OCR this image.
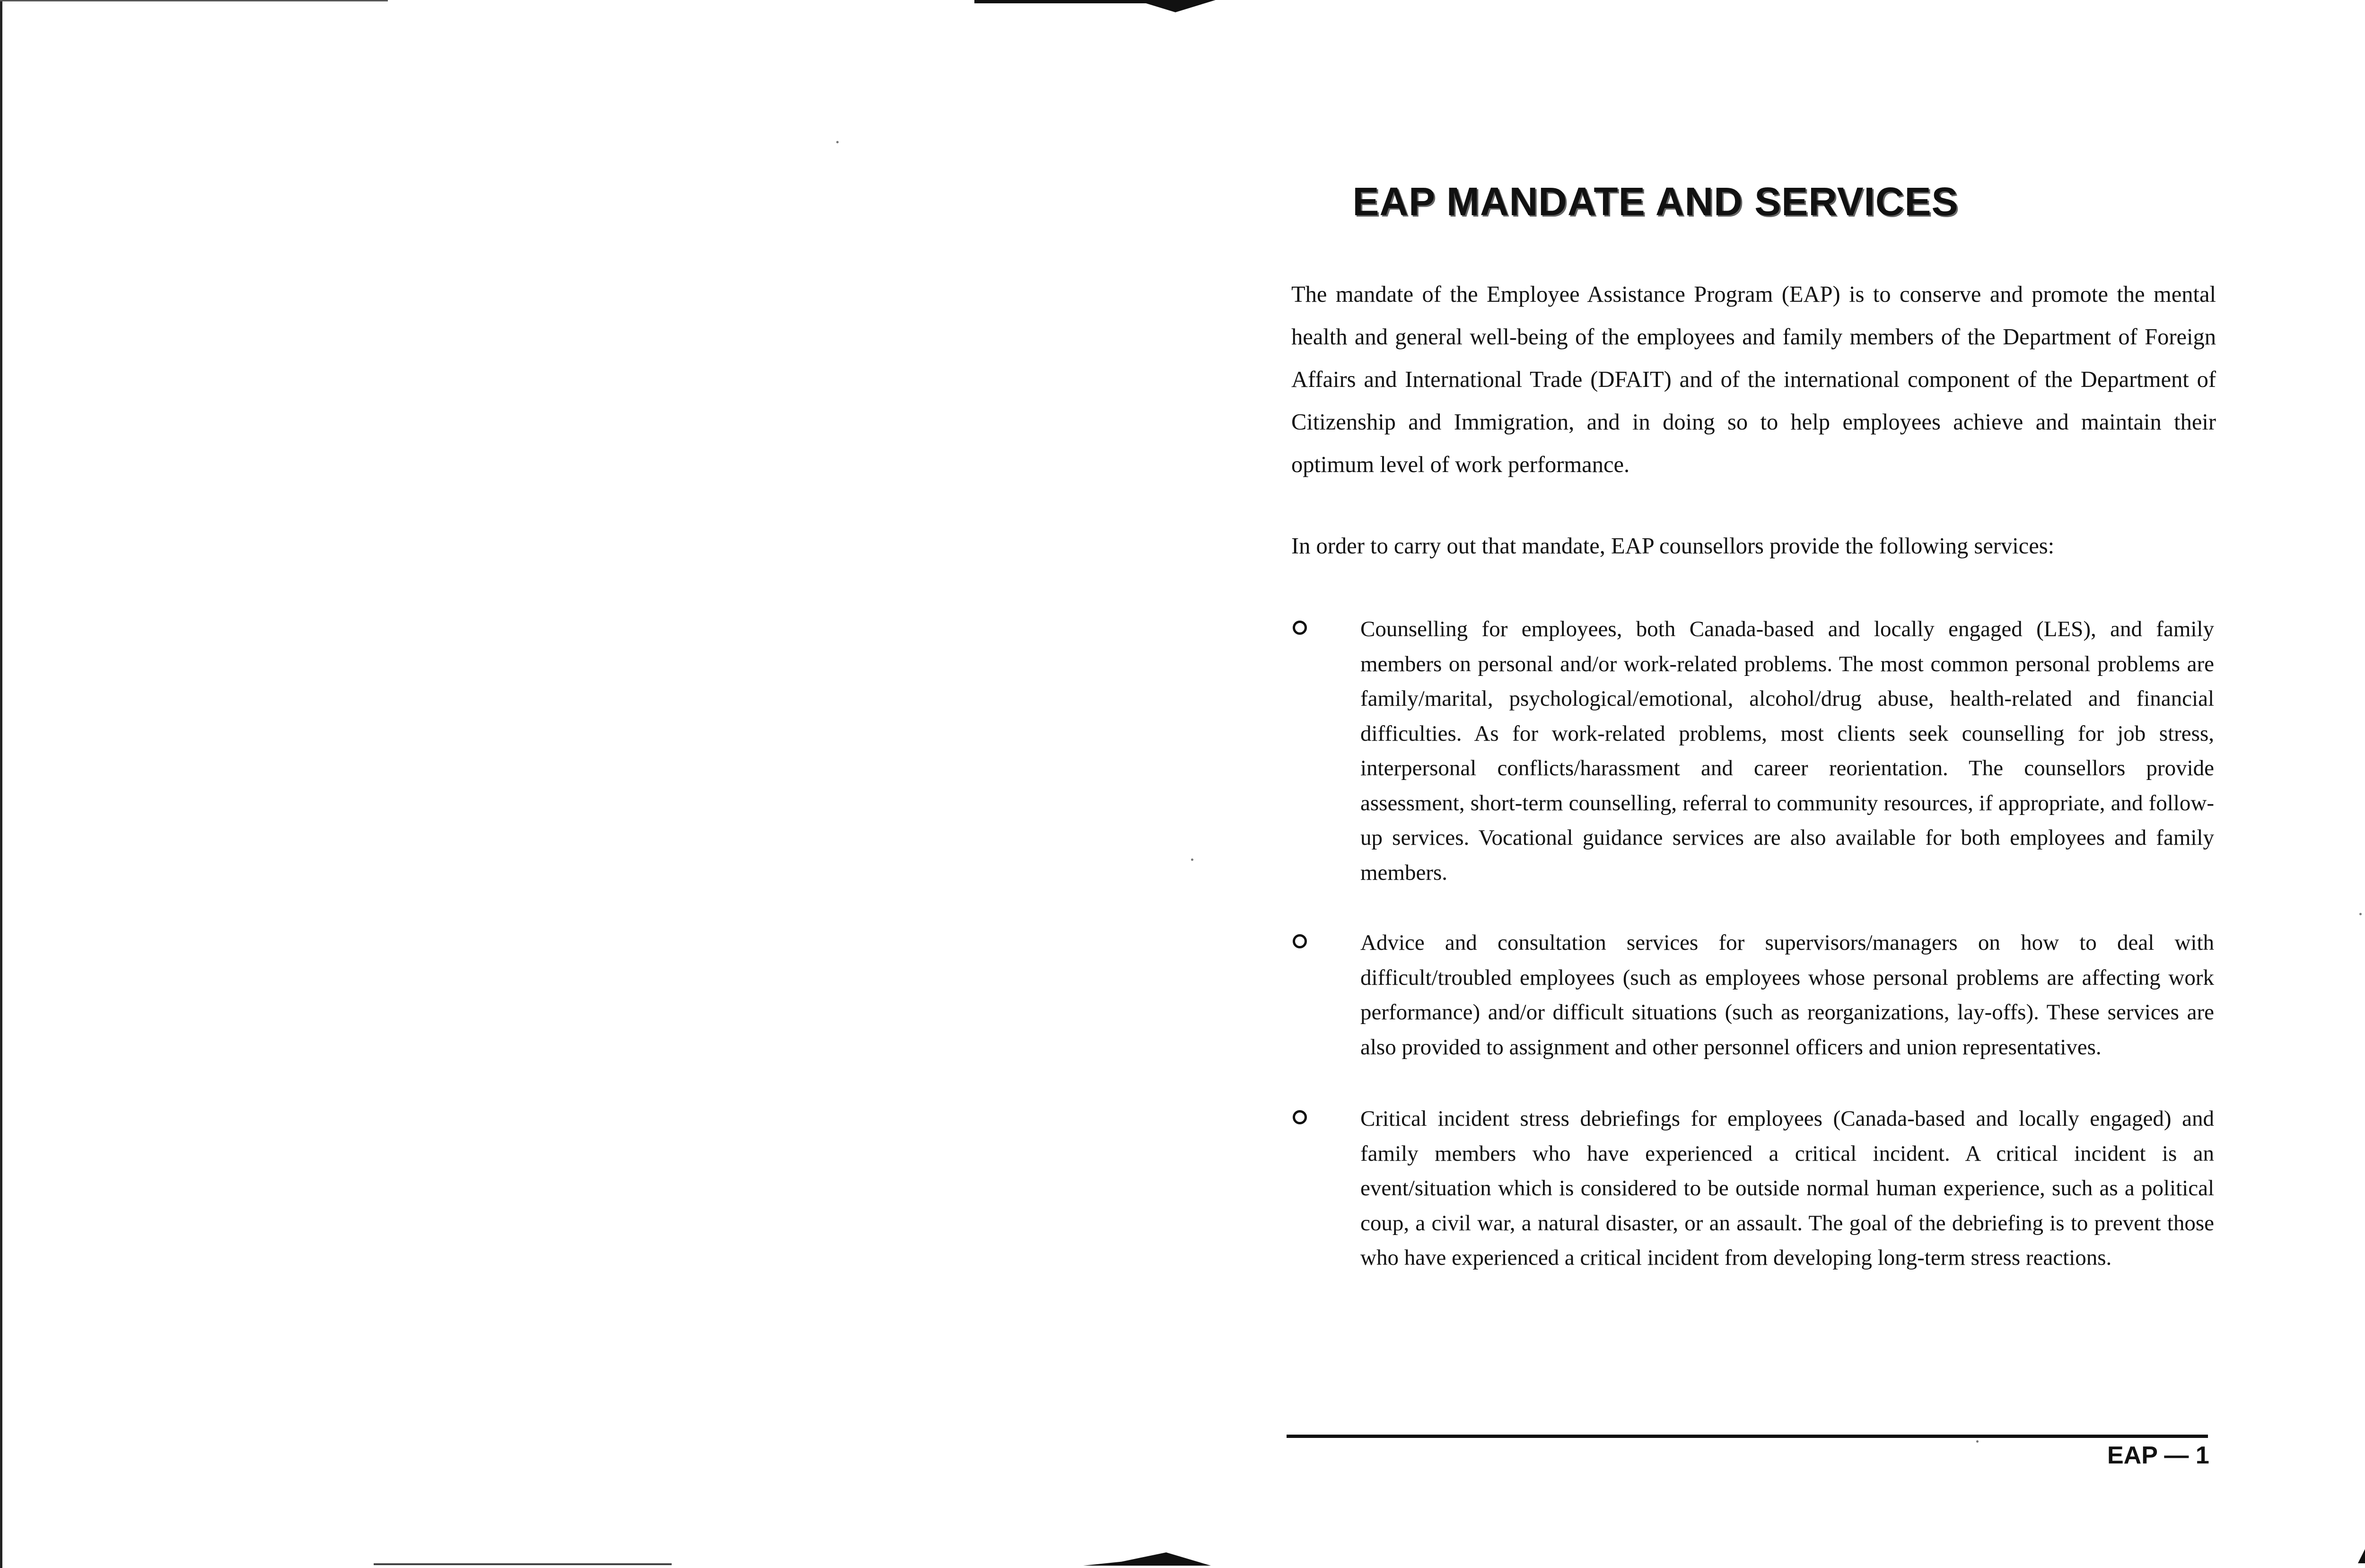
EAP MANDATE AND SERVICES
The mandate of the Employee Assistance Program (EAP) is to conserve and promote the mental health and general well-being of the employees and family members of the Department of Foreign Affairs and International Trade (DFAIT) and of the international component of the Department of Citizenship and Immigration, and in doing so to help employees achieve and maintain their optimum level of work performance.
In order to carry out that mandate, EAP counsellors provide the following services:
Counselling for employees, both Canada-based and locally engaged (LES), and family members on personal and/or work-related problems. The most common personal problems are family/marital, psychological/emotional, alcohol/drug abuse, health-related and financial difficulties. As for work-related problems, most clients seek counselling for job stress, interpersonal conflicts/harassment and career reorientation. The counsellors provide assessment, short-term counselling, referral to community resources, if appropriate, and follow-up services. Vocational guidance services are also available for both employees and family members.
Advice and consultation services for supervisors/managers on how to deal with difficult/troubled employees (such as employees whose personal problems are affecting work performance) and/or difficult situations (such as reorganizations, lay-offs). These services are also provided to assignment and other personnel officers and union representatives.
Critical incident stress debriefings for employees (Canada-based and locally engaged) and family members who have experienced a critical incident. A critical incident is an event/situation which is considered to be outside normal human experience, such as a political coup, a civil war, a natural disaster, or an assault. The goal of the debriefing is to prevent those who have experienced a critical incident from developing long-term stress reactions.
EAP — 1
